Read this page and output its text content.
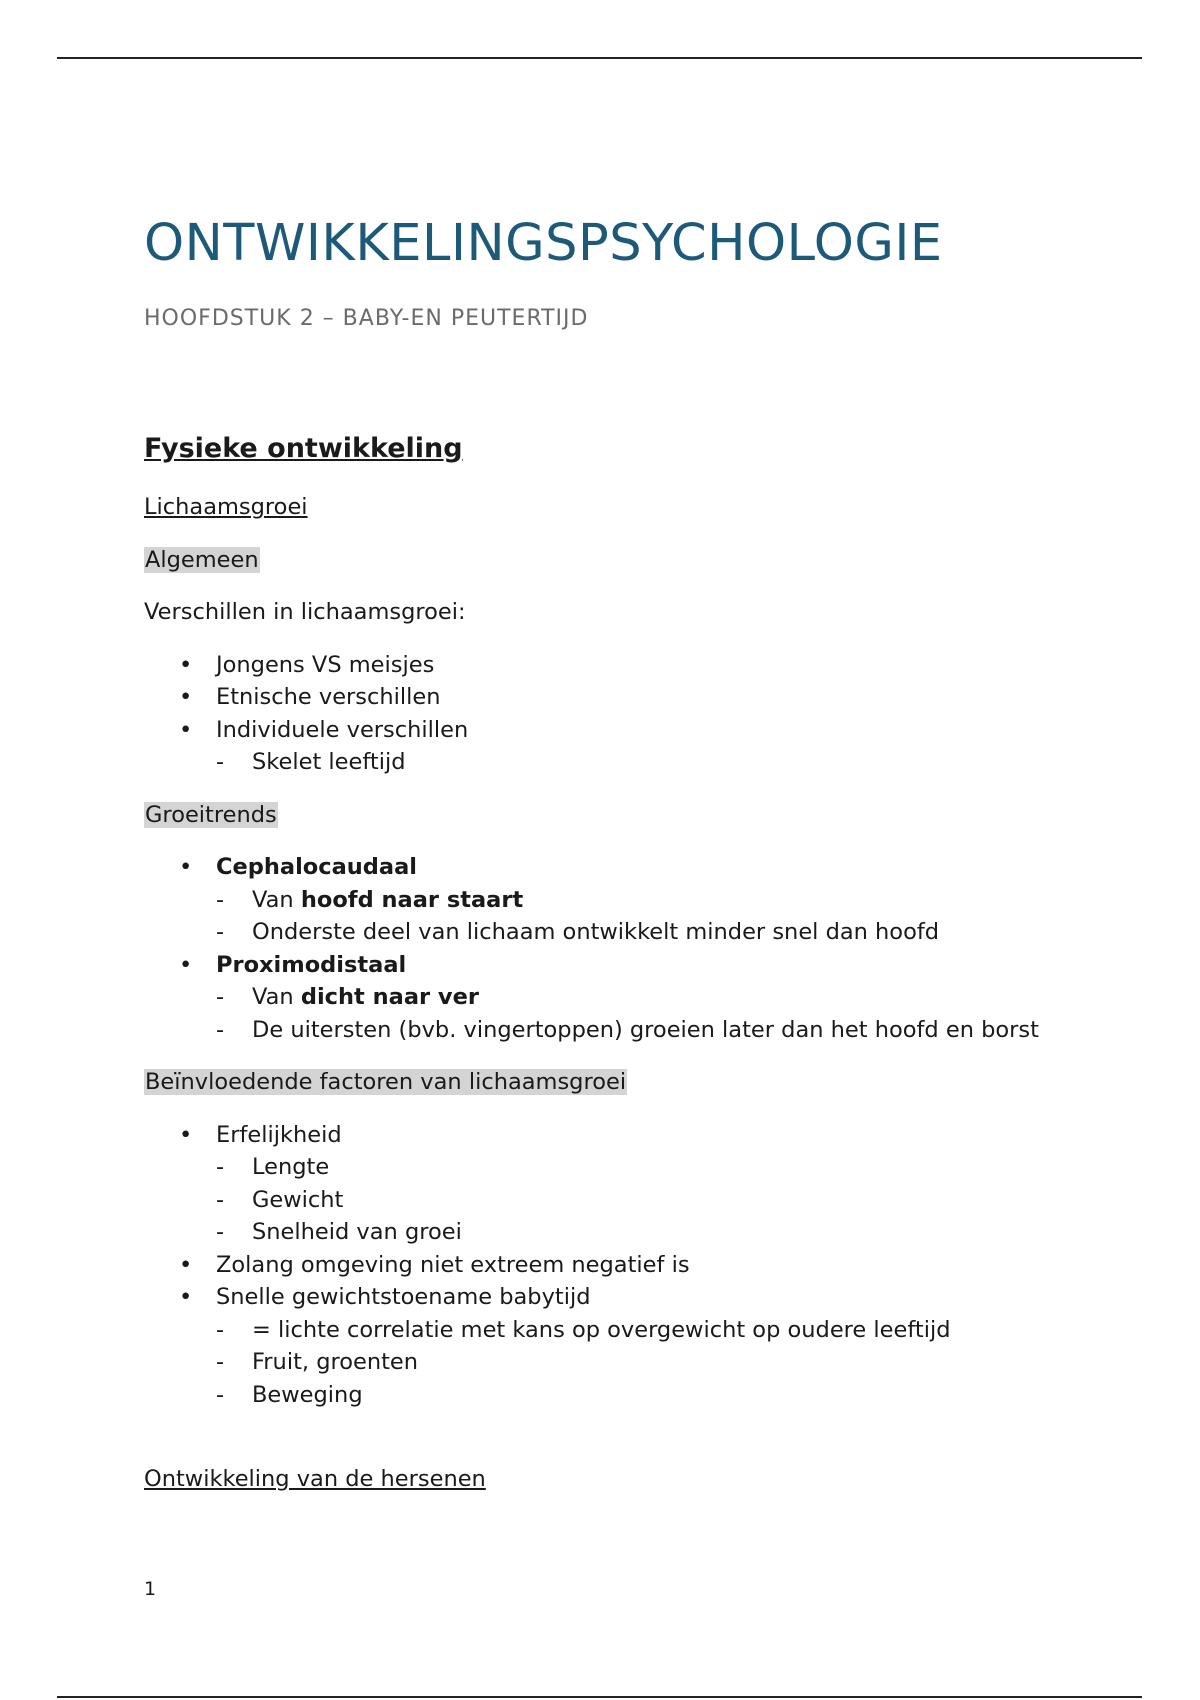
ONTWIKKELINGSPSYCHOLOGIE
HOOFDSTUK 2 – BABY-EN PEUTERTIJD
Fysieke ontwikkeling

Lichaamsgroei

Algemeen

Verschillen in lichaamsgroei:

• Jongens VS meisjes
• Etnische verschillen
• Individuele verschillen
- Skelet leeftijd

Groeitrends

• Cephalocaudaal
- Van hoofd naar staart
- Onderste deel van lichaam ontwikkelt minder snel dan hoofd
• Proximodistaal
- Van dicht naar ver
- De uitersten (bvb. vingertoppen) groeien later dan het hoofd en borst

Beïnvloedende factoren van lichaamsgroei

• Erfelijkheid
- Lengte
- Gewicht
- Snelheid van groei
• Zolang omgeving niet extreem negatief is
• Snelle gewichtstoename babytijd
- = lichte correlatie met kans op overgewicht op oudere leeftijd
- Fruit, groenten
- Beweging

Ontwikkeling van de hersenen

1
